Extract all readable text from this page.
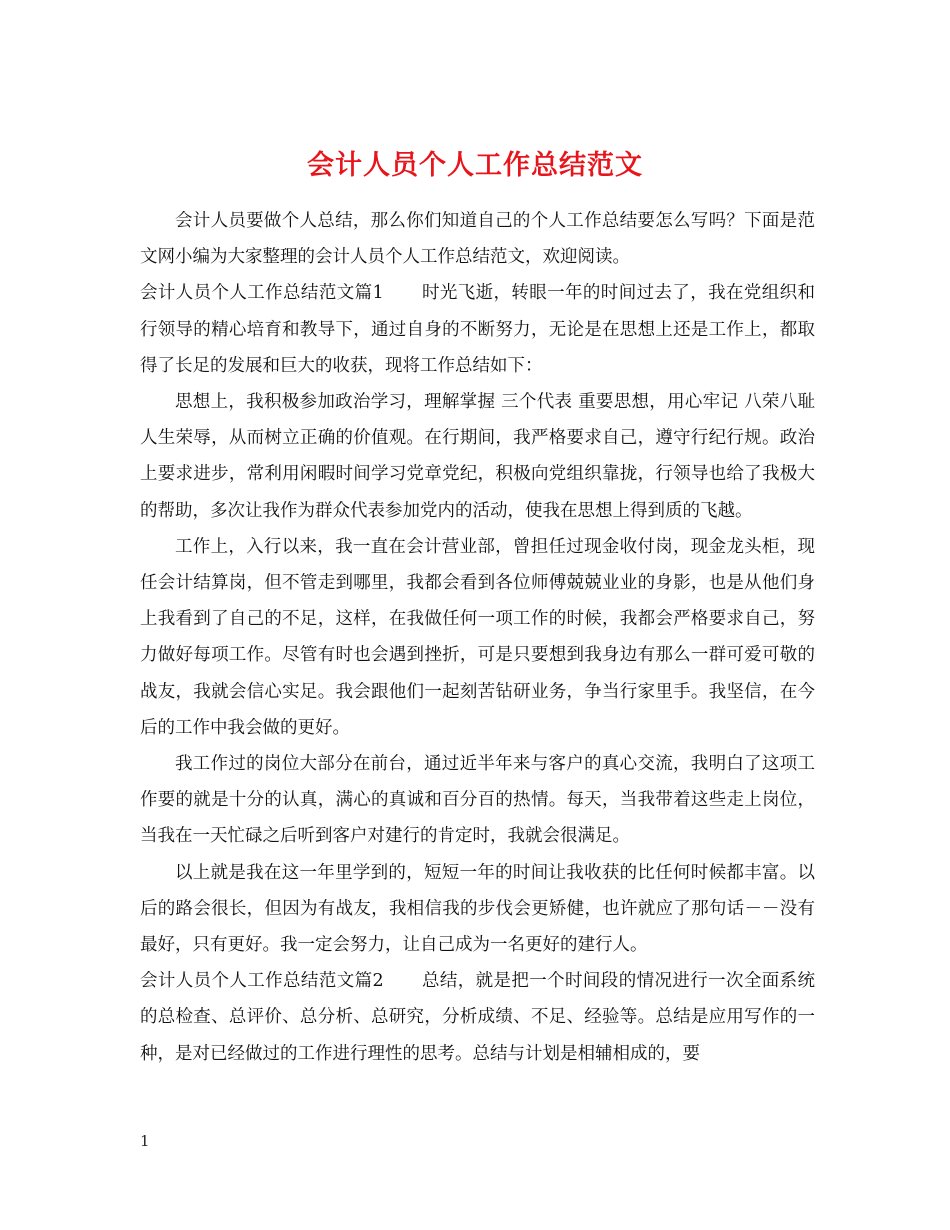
会计人员个人工作总结范文

会计人员要做个人总结，那么你们知道自己的个人工作总结要怎么写吗？下面是范文网小编为大家整理的会计人员个人工作总结范文，欢迎阅读。

会计人员个人工作总结范文篇1 时光飞逝，转眼一年的时间过去了，我在党组织和行领导的精心培育和教导下，通过自身的不断努力，无论是在思想上还是工作上，都取得了长足的发展和巨大的收获，现将工作总结如下：

思想上，我积极参加政治学习，理解掌握 三个代表 重要思想，用心牢记 八荣八耻 人生荣辱，从而树立正确的价值观。在行期间，我严格要求自己，遵守行纪行规。政治上要求进步，常利用闲暇时间学习党章党纪，积极向党组织靠拢，行领导也给了我极大的帮助，多次让我作为群众代表参加党内的活动，使我在思想上得到质的飞越。

工作上，入行以来，我一直在会计营业部，曾担任过现金收付岗，现金龙头柜，现任会计结算岗，但不管走到哪里，我都会看到各位师傅兢兢业业的身影，也是从他们身上我看到了自己的不足，这样，在我做任何一项工作的时候，我都会严格要求自己，努力做好每项工作。尽管有时也会遇到挫折，可是只要想到我身边有那么一群可爱可敬的战友，我就会信心实足。我会跟他们一起刻苦钻研业务，争当行家里手。我坚信，在今后的工作中我会做的更好。

我工作过的岗位大部分在前台，通过近半年来与客户的真心交流，我明白了这项工作要的就是十分的认真，满心的真诚和百分百的热情。每天，当我带着这些走上岗位，当我在一天忙碌之后听到客户对建行的肯定时，我就会很满足。

以上就是我在这一年里学到的，短短一年的时间让我收获的比任何时候都丰富。以后的路会很长，但因为有战友，我相信我的步伐会更矫健，也许就应了那句话－－没有最好，只有更好。我一定会努力，让自己成为一名更好的建行人。

会计人员个人工作总结范文篇2 总结，就是把一个时间段的情况进行一次全面系统的总检查、总评价、总分析、总研究，分析成绩、不足、经验等。总结是应用写作的一种，是对已经做过的工作进行理性的思考。总结与计划是相辅相成的，要

1
